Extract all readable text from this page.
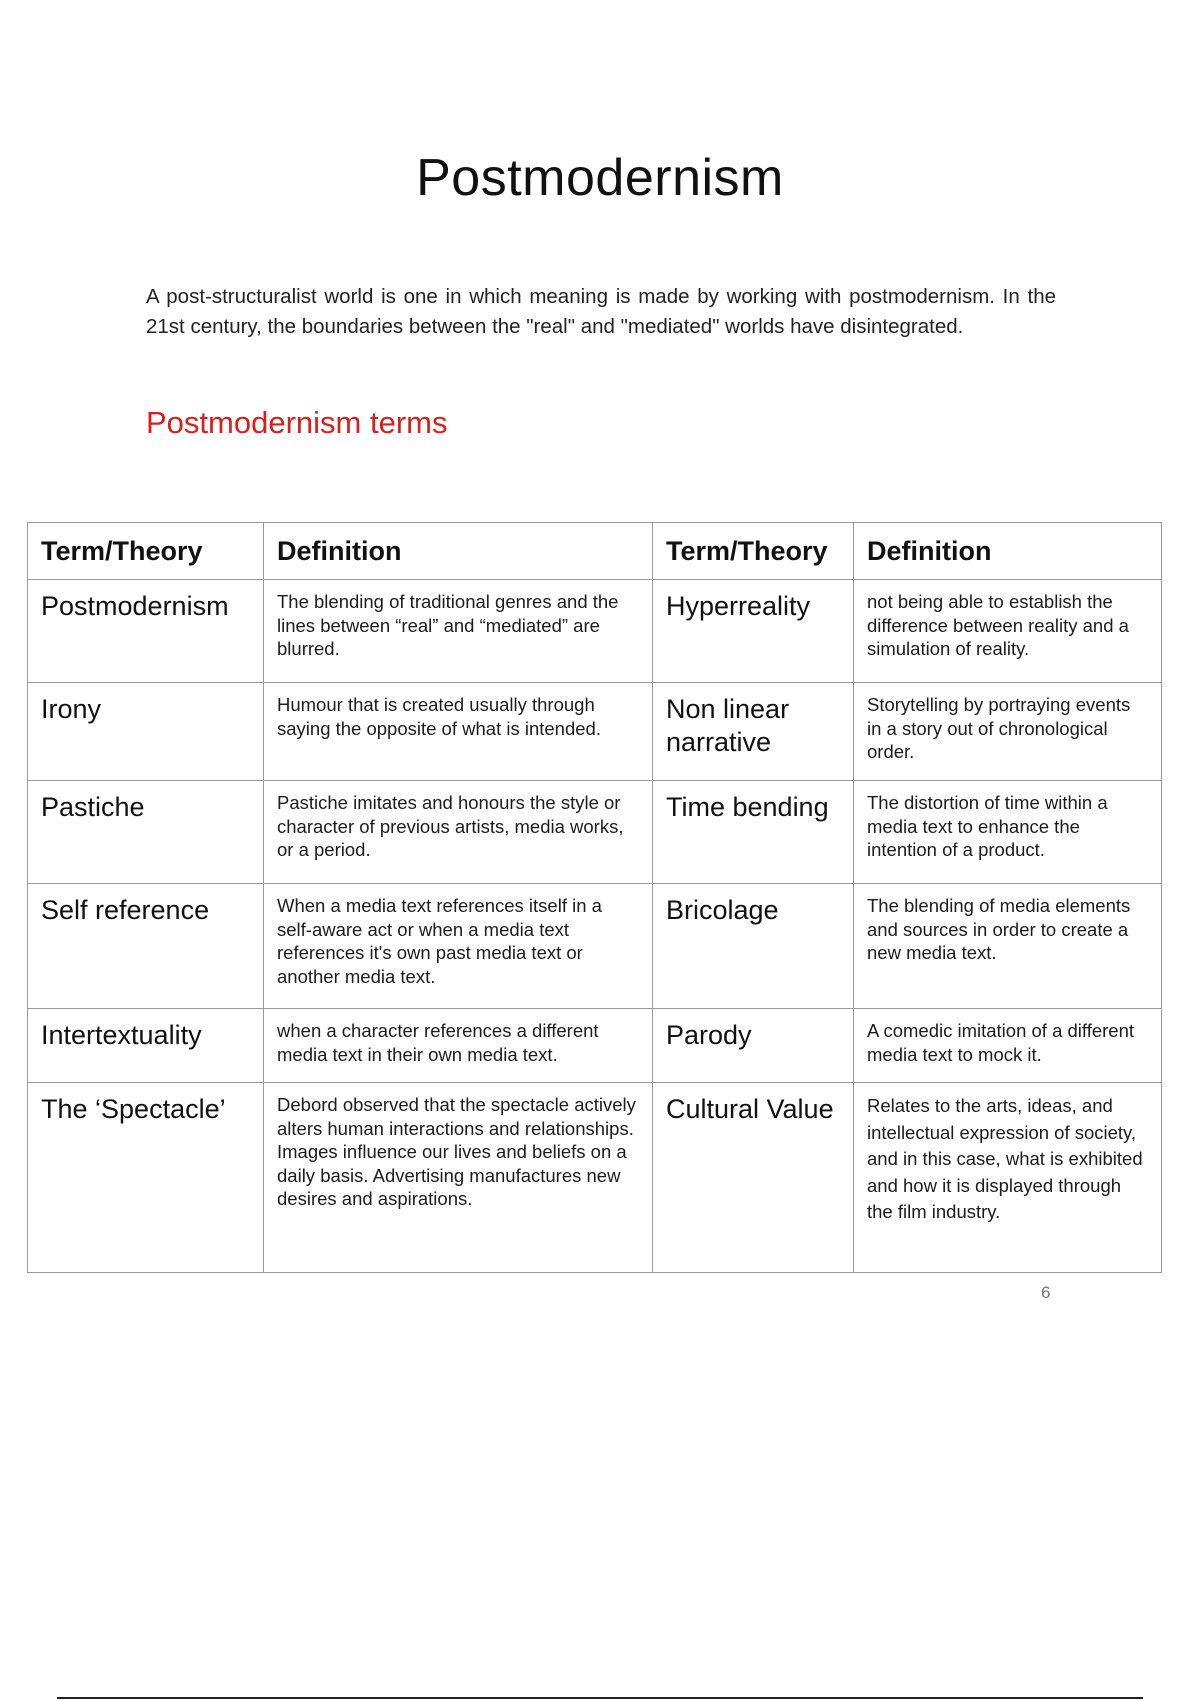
Postmodernism

A post-structuralist world is one in which meaning is made by working with postmodernism. In the 21st century, the boundaries between the "real" and "mediated" worlds have disintegrated.

Postmodernism terms
Term/Theory	Definition	Term/Theory	Definition
Postmodernism	The blending of traditional genres and the lines between “real” and “mediated” are blurred.	Hyperreality	not being able to establish the difference between reality and a simulation of reality.
Irony	Humour that is created usually through saying the opposite of what is intended.	Non linear narrative	Storytelling by portraying events in a story out of chronological order.
Pastiche	Pastiche imitates and honours the style or character of previous artists, media works, or a period.	Time bending	The distortion of time within a media text to enhance the intention of a product.
Self reference	When a media text references itself in a self-aware act or when a media text references it's own past media text or another media text.	Bricolage	The blending of media elements and sources in order to create a new media text.
Intertextuality	when a character references a different media text in their own media text.	Parody	A comedic imitation of a different media text to mock it.
The ‘Spectacle’	Debord observed that the spectacle actively alters human interactions and relationships. Images influence our lives and beliefs on a daily basis. Advertising manufactures new desires and aspirations.	Cultural Value	Relates to the arts, ideas, and intellectual expression of society, and in this case, what is exhibited and how it is displayed through the film industry.
6
